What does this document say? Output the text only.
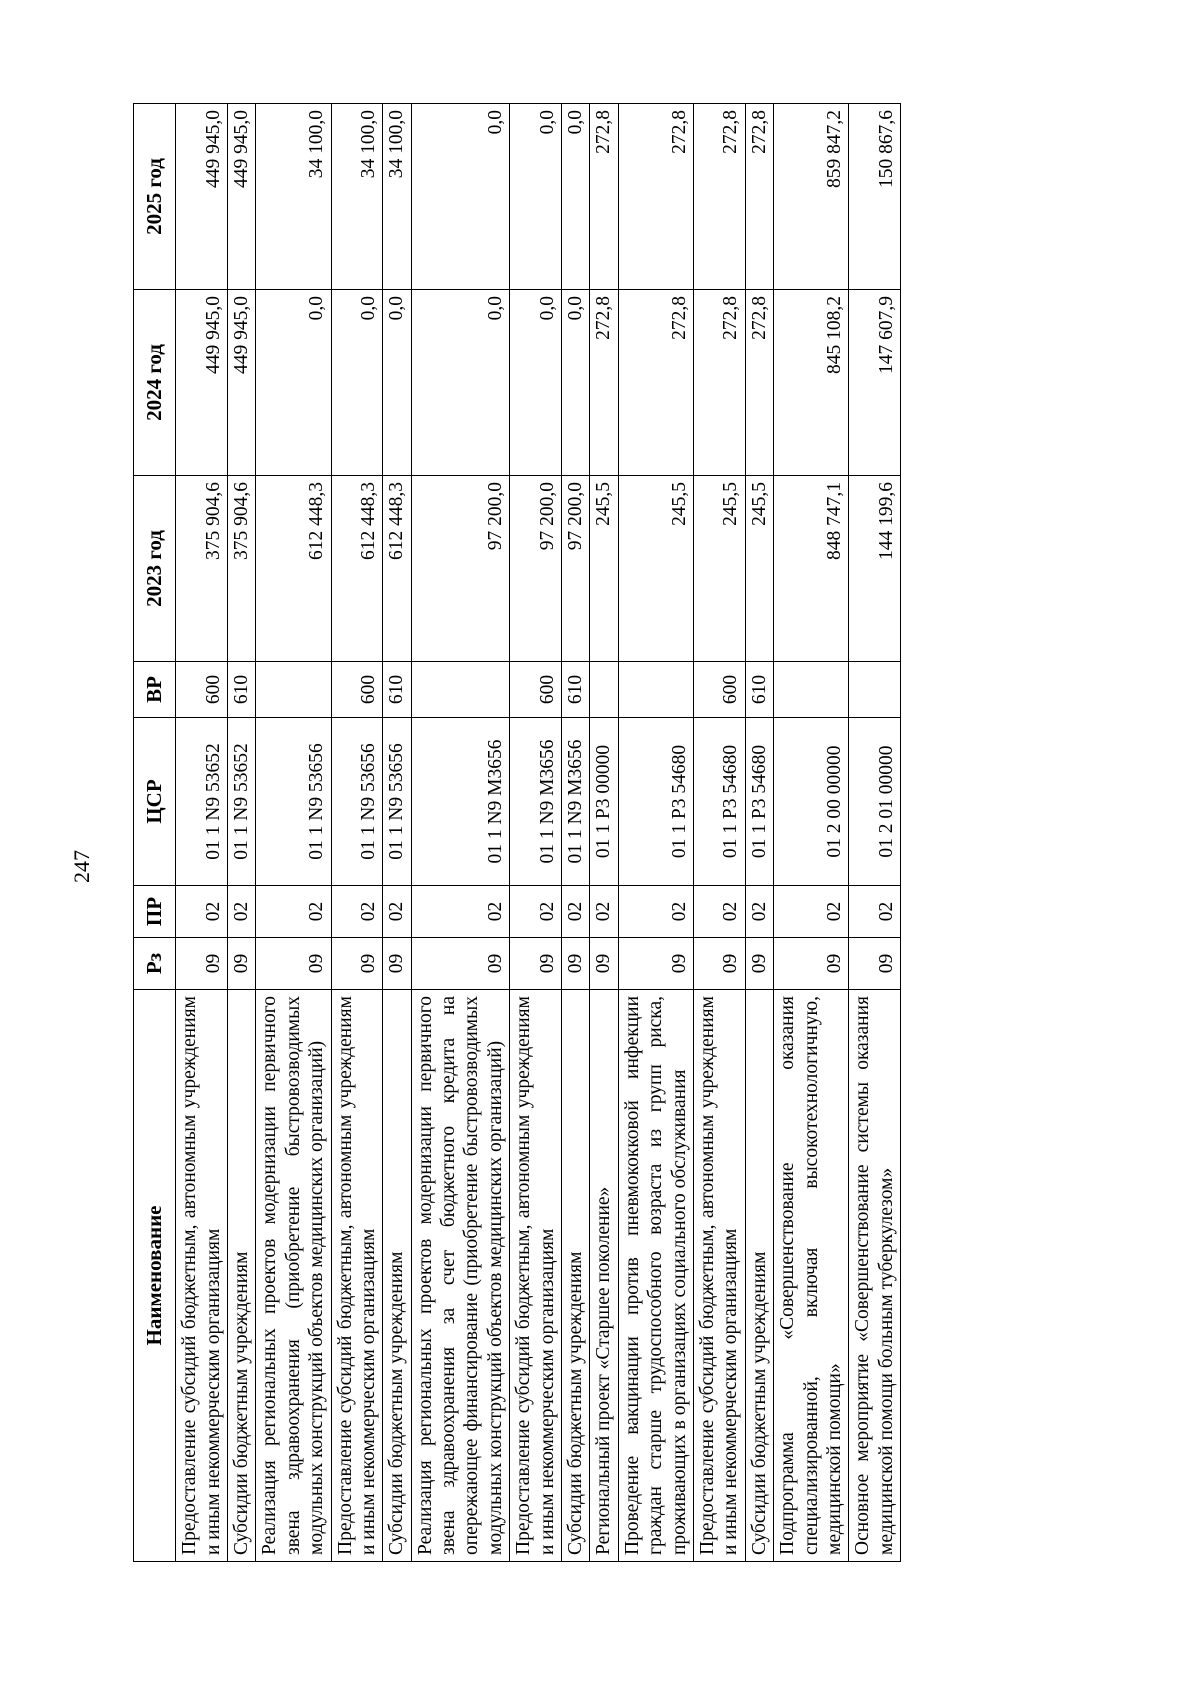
247
Наименование	Рз	ПР	ЦСР	ВР	2023 год	2024 год	2025 год
Предоставление субсидий бюджетным, автономным учреждениям и иным некоммерческим организациям	09	02	01 1 N9 53652	600	375 904,6	449 945,0	449 945,0
Субсидии бюджетным учреждениям	09	02	01 1 N9 53652	610	375 904,6	449 945,0	449 945,0
Реализация региональных проектов модернизации первичного звена здравоохранения (приобретение быстровозводимых модульных конструкций объектов медицинских организаций)	09	02	01 1 N9 53656		612 448,3	0,0	34 100,0
Предоставление субсидий бюджетным, автономным учреждениям и иным некоммерческим организациям	09	02	01 1 N9 53656	600	612 448,3	0,0	34 100,0
Субсидии бюджетным учреждениям	09	02	01 1 N9 53656	610	612 448,3	0,0	34 100,0
Реализация региональных проектов модернизации первичного звена здравоохранения за счет бюджетного кредита на опережающее финансирование (приобретение быстровозводимых модульных конструкций объектов медицинских организаций)	09	02	01 1 N9 M3656		97 200,0	0,0	0,0
Предоставление субсидий бюджетным, автономным учреждениям и иным некоммерческим организациям	09	02	01 1 N9 M3656	600	97 200,0	0,0	0,0
Субсидии бюджетным учреждениям	09	02	01 1 N9 M3656	610	97 200,0	0,0	0,0
Региональный проект «Старшее поколение»	09	02	01 1 P3 00000		245,5	272,8	272,8
Проведение вакцинации против пневмококковой инфекции граждан старше трудоспособного возраста из групп риска, проживающих в организациях социального обслуживания	09	02	01 1 P3 54680		245,5	272,8	272,8
Предоставление субсидий бюджетным, автономным учреждениям и иным некоммерческим организациям	09	02	01 1 P3 54680	600	245,5	272,8	272,8
Субсидии бюджетным учреждениям	09	02	01 1 P3 54680	610	245,5	272,8	272,8
Подпрограмма «Совершенствование оказания специализированной, включая высокотехнологичную, медицинской помощи»	09	02	01 2 00 00000		848 747,1	845 108,2	859 847,2
Основное мероприятие «Совершенствование системы оказания медицинской помощи больным туберкулезом»	09	02	01 2 01 00000		144 199,6	147 607,9	150 867,6
